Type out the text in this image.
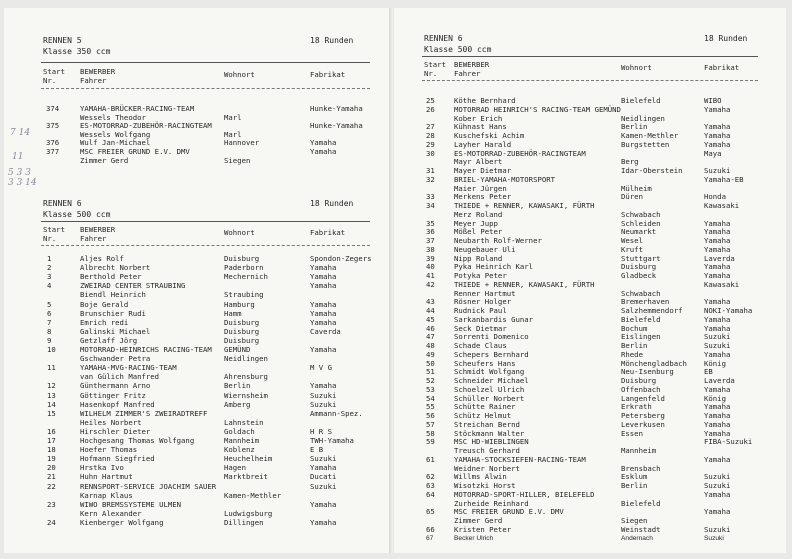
RENNEN 5	18 Runden
Klasse 350 ccm
Start
Nr.
BEWERBER
Fahrer
Wohnort	Fabrikat
374	YAMAHA-BRÜCKER-RACING-TEAM	Hunke-Yamaha
Wessels Theodor	Marl
375	ES-MOTORRAD-ZUBEHÖR-RACINGTEAM	Hunke-Yamaha
Wessels Wolfgang	Marl
376	Wulf Jan-Michael	Hannover	Yamaha
377	MSC FREIER GRUND E.V. DMV	Yamaha
Zimmer Gerd	Siegen
RENNEN 6	18 Runden
Klasse 500 ccm
Start
Nr.
BEWERBER
Fahrer
Wohnort	Fabrikat
1	Aljes Rolf	Duisburg	Spondon-Zegers
2	Albrecht Norbert	Paderborn	Yamaha
3	Berthold Peter	Mechernich	Yamaha
4	ZWEIRAD CENTER STRAUBING	Yamaha
Biendl Heinrich	Straubing
5	Boje Gerald	Hamburg	Yamaha
6	Brunschier Rudi	Hamm	Yamaha
7	Emrich redi	Duisburg	Yamaha
8	Galinski Michael	Duisburg	Caverda
9	Getzlaff Jörg	Duisburg
10	MOTORRAD-HEINRICHS RACING-TEAM GEMÜND	Yamaha
Gschwander Petra	Neidlingen
11	YAMAHA-MVG-RACING-TEAM	M V G
van Gülich Manfred	Ahrensburg
12	Günthermann Arno	Berlin	Yamaha
13	Göttinger Fritz	Wiernsheim	Suzuki
14	Hasenkopf Manfred	Amberg	Suzuki
15	WILHELM ZIMMER'S ZWEIRADTREFF	Ammann-Spez.
Heiles Norbert	Lahnstein
16	Hirschler Dieter	Goldach	H R S
17	Hochgesang Thomas Wolfgang	Mannheim	TWH-Yamaha
18	Hoefer Thomas	Koblenz	E B
19	Hofmann Siegfried	Heuchelheim	Suzuki
20	Hrstka Ivo	Hagen	Yamaha
21	Huhn Hartmut	Marktbreit	Ducati
22	RENNSPORT-SERVICE JOACHIM SAUER	Suzuki
Karnap Klaus	Kamen-Methler
23	WIWO BREMSSYSTEME ULMEN	Yamaha
Kern Alexander	Ludwigsburg
24	Kienberger Wolfgang	Dillingen	Yamaha
5 3 3
3 3 14
7 14
11
RENNEN 6	18 Runden
Klasse 500 ccm
Start
Nr.
BEWERBER
Fahrer
Wohnort	Fabrikat
25	Köthe Bernhard	Bielefeld	WIBO
26	MOTORRAD HEINRICH'S RACING-TEAM GEMÜND	Yamaha
Kober Erich	Neidlingen
27	Kühnast Hans	Berlin	Yamaha
28	Kuschefski Achim	Kamen-Methler	Yamaha
29	Layher Harald	Burgstetten	Yamaha
30	ES-MOTORRAD-ZUBEHÖR-RACINGTEAM	Maya
Mayr Albert	Berg
31	Mayer Dietmar	Idar-Oberstein	Suzuki
32	BRIEL-YAMAHA-MOTORSPORT	Yamaha-EB
Maier Jürgen	Mülheim
33	Merkens Peter	Düren	Honda
34	THIEDE + RENNER, KAWASAKI, FÜRTH	Kawasaki
Merz Roland	Schwabach
35	Meyer Jupp	Schleiden	Yamaha
36	Mößel Peter	Neumarkt	Yamaha
37	Neubarth Rolf-Werner	Wesel	Yamaha
38	Neugebauer Uli	Kruft	Yamaha
39	Nipp Roland	Stuttgart	Laverda
40	Pyka Heinrich Karl	Duisburg	Yamaha
41	Potyka Peter	Gladbeck	Yamaha
42	THIEDE + RENNER, KAWASAKI, FÜRTH	Kawasaki
Renner Hartmut	Schwabach
43	Rösner Holger	Bremerhaven	Yamaha
44	Rudnick Paul	Salzhemmendorf	NOKI-Yamaha
45	Sarkanbardis Gunar	Bielefeld	Yamaha
46	Seck Dietmar	Bochum	Yamaha
47	Sorrenti Domenico	Eislingen	Suzuki
48	Schade Claus	Berlin	Suzuki
49	Schepers Bernhard	Rhede	Yamaha
50	Scheufers Hans	Mönchengladbach König
51	Schmidt Wolfgang	Neu-Isenburg	EB
52	Schneider Michael	Duisburg	Laverda
53	Schoelzel Ulrich	Offenbach	Yamaha
54	Schüller Norbert	Langenfeld	König
55	Schütte Rainer	Erkrath	Yamaha
56	Schütz Helmut	Petersberg	Yamaha
57	Streichan Bernd	Leverkusen	Yamaha
58	Stöckmann Walter	Essen	Yamaha
59	MSC HD-WIEBLINGEN	FIBA-Suzuki
Treusch Gerhard	Mannheim
61	YAMAHA-STOCKSIEFEN-RACING-TEAM	Yamaha
Weidner Norbert	Brensbach
62	Willms Alwin	Esklum	Suzuki
63	Wisotzki Horst	Berlin	Suzuki
64	MOTORRAD-SPORT-HILLER, BIELEFELD	Yamaha
Zurheide Reinhard	Bielefeld
65	MSC FREIER GRUND E.V. DMV	Yamaha
Zimmer Gerd	Siegen
66	Kristen Peter	Weinstadt	Suzuki
67	Becker Ulrich	Andernach	Suzuki
